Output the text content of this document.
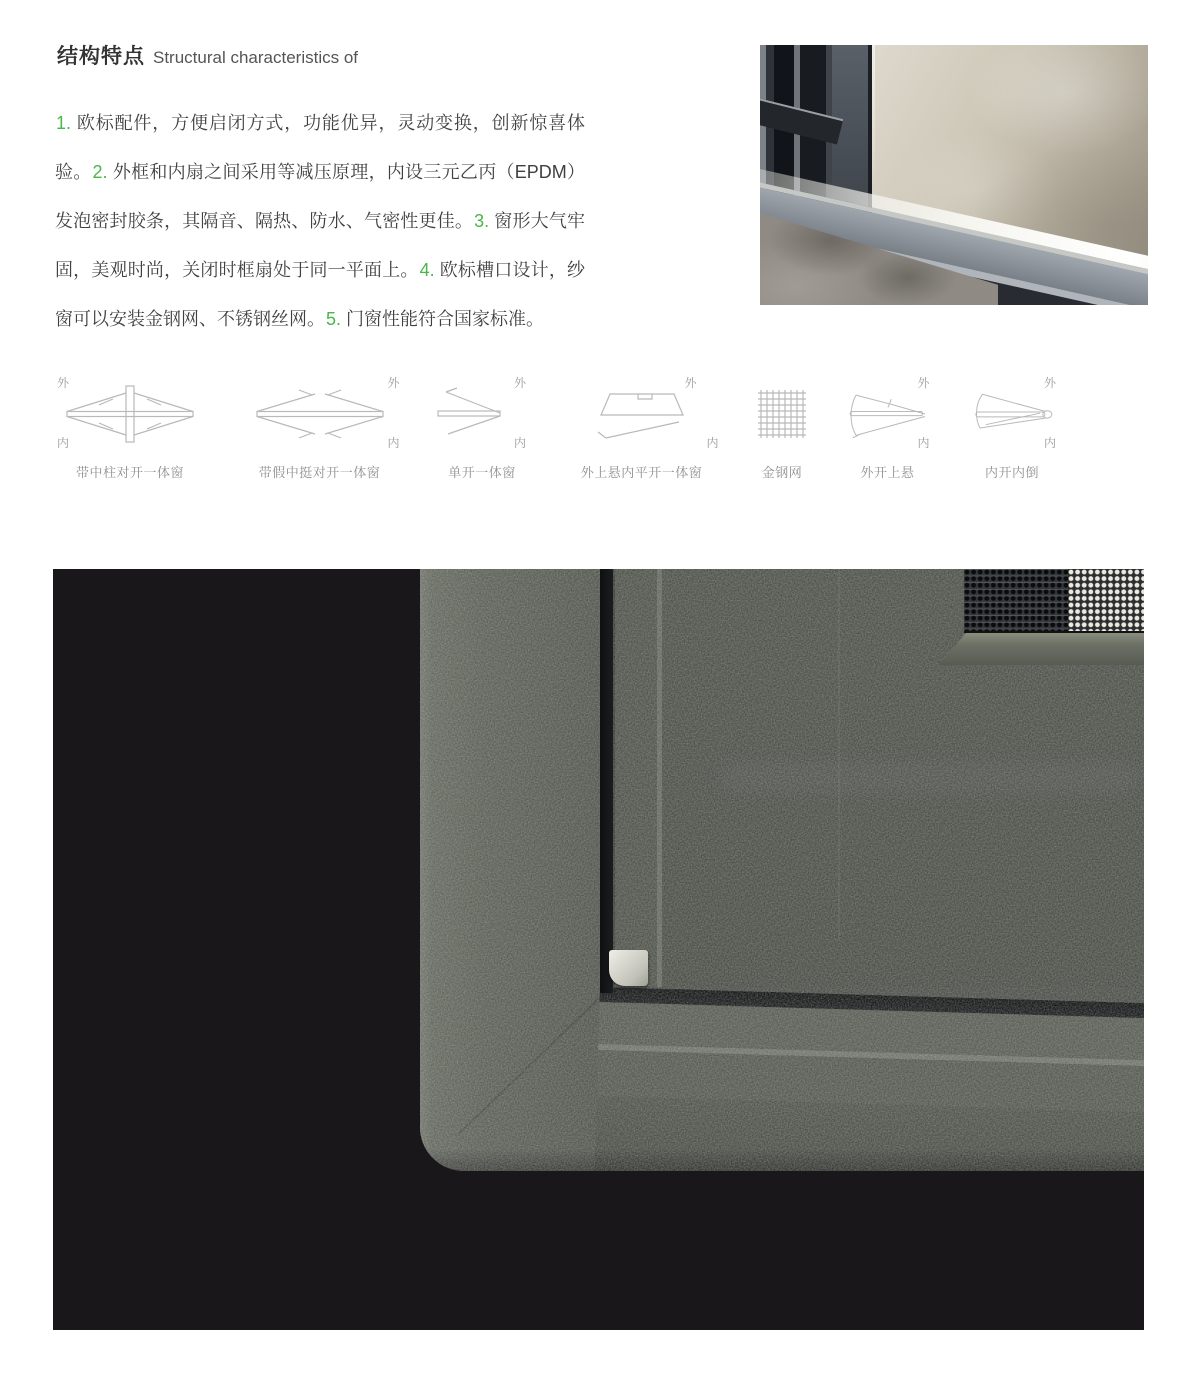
结构特点 Structural characteristics of

1. 欧标配件，方便启闭方式，功能优异，灵动变换，创新惊喜体验。2. 外框和内扇之间采用等减压原理，内设三元乙丙（EPDM）发泡密封胶条，其隔音、隔热、防水、气密性更佳。3. 窗形大气牢固，美观时尚，关闭时框扇处于同一平面上。4. 欧标槽口设计，纱窗可以安装金钢网、不锈钢丝网。5. 门窗性能符合国家标准。

外
内
带中柱对开一体窗
外
内
带假中挺对开一体窗
外
内
单开一体窗
外
内
外上悬内平开一体窗	金钢网
外
内
外开上悬
外
内
内开内倒
